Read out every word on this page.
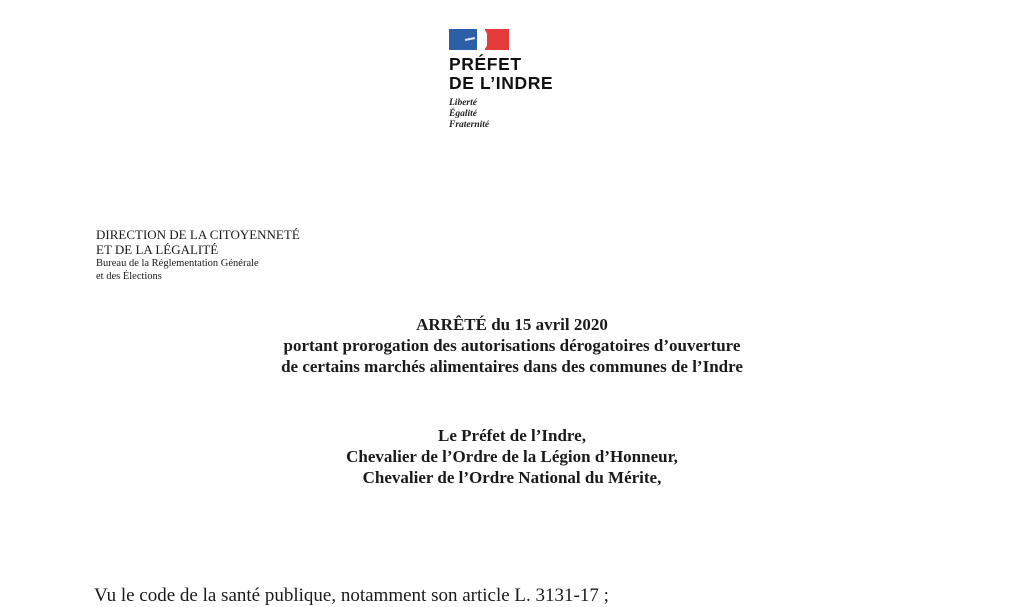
PRÉFET
DE L’INDRE
Liberté
Égalité
Fraternité
DIRECTION DE LA CITOYENNETÉ
ET DE LA LÉGALITÉ
Bureau de la Réglementation Générale
et des Élections
ARRÊTÉ du 15 avril 2020
portant prorogation des autorisations dérogatoires d’ouverture
de certains marchés alimentaires dans des communes de l’Indre
Le Préfet de l’Indre,
Chevalier de l’Ordre de la Légion d’Honneur,
Chevalier de l’Ordre National du Mérite,
Vu le code de la santé publique, notamment son article L. 3131-17 ;
